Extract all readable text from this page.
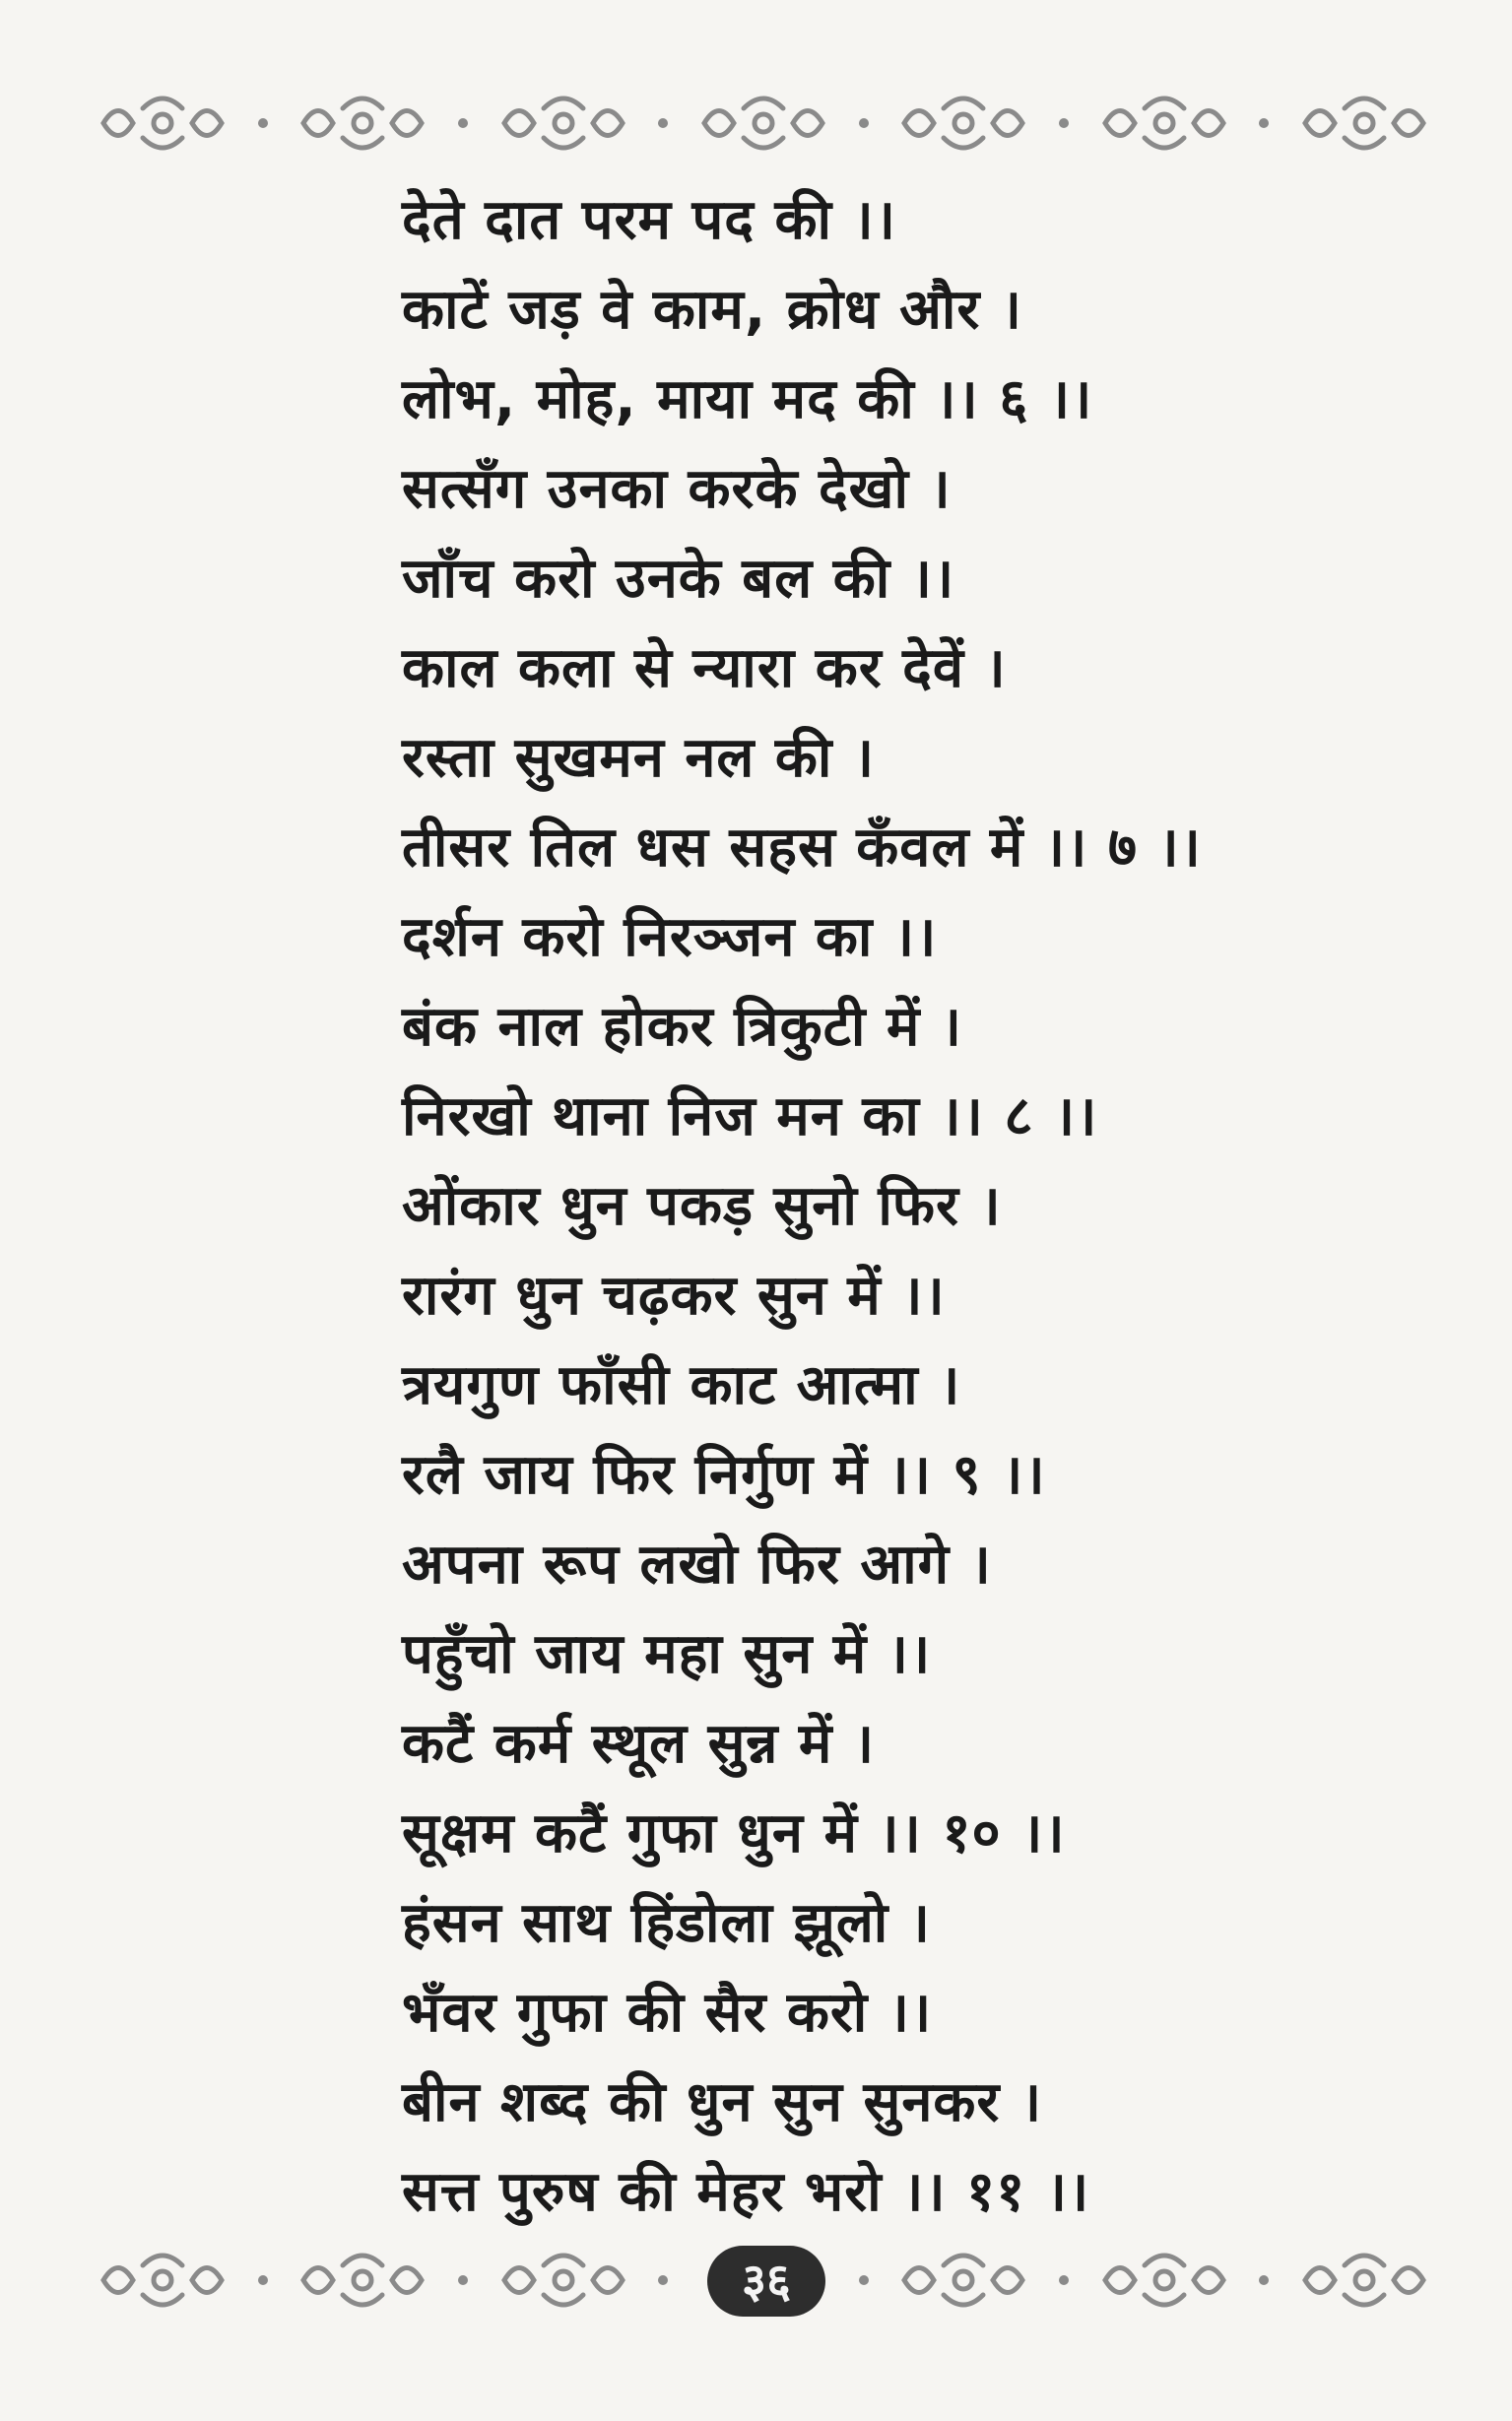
देते दात परम पद की ।।
काटें जड़ वे काम, क्रोध और ।
लोभ, मोह, माया मद की ।। ६ ।।
सत्सँग उनका करके देखो ।
जाँच करो उनके बल की ।।
काल कला से न्यारा कर देवें ।
रस्ता सुखमन नल की ।
तीसर तिल धस सहस कँवल में ।। ७ ।।
दर्शन करो निरञ्जन का ।।
बंक नाल होकर त्रिकुटी में ।
निरखो थाना निज मन का ।। ८ ।।
ओंकार धुन पकड़ सुनो फिर ।
रारंग धुन चढ़कर सुन में ।।
त्रयगुण फाँसी काट आत्मा ।
रलै जाय फिर निर्गुण में ।। ९ ।।
अपना रूप लखो फिर आगे ।
पहुँचो जाय महा सुन में ।।
कटैं कर्म स्थूल सुन्न में ।
सूक्षम कटैं गुफा धुन में ।। १० ।।
हंसन साथ हिंडोला झूलो ।
भँवर गुफा की सैर करो ।।
बीन शब्द की धुन सुन सुनकर ।
सत्त पुरुष की मेहर भरो ।। ११ ।।
३६
